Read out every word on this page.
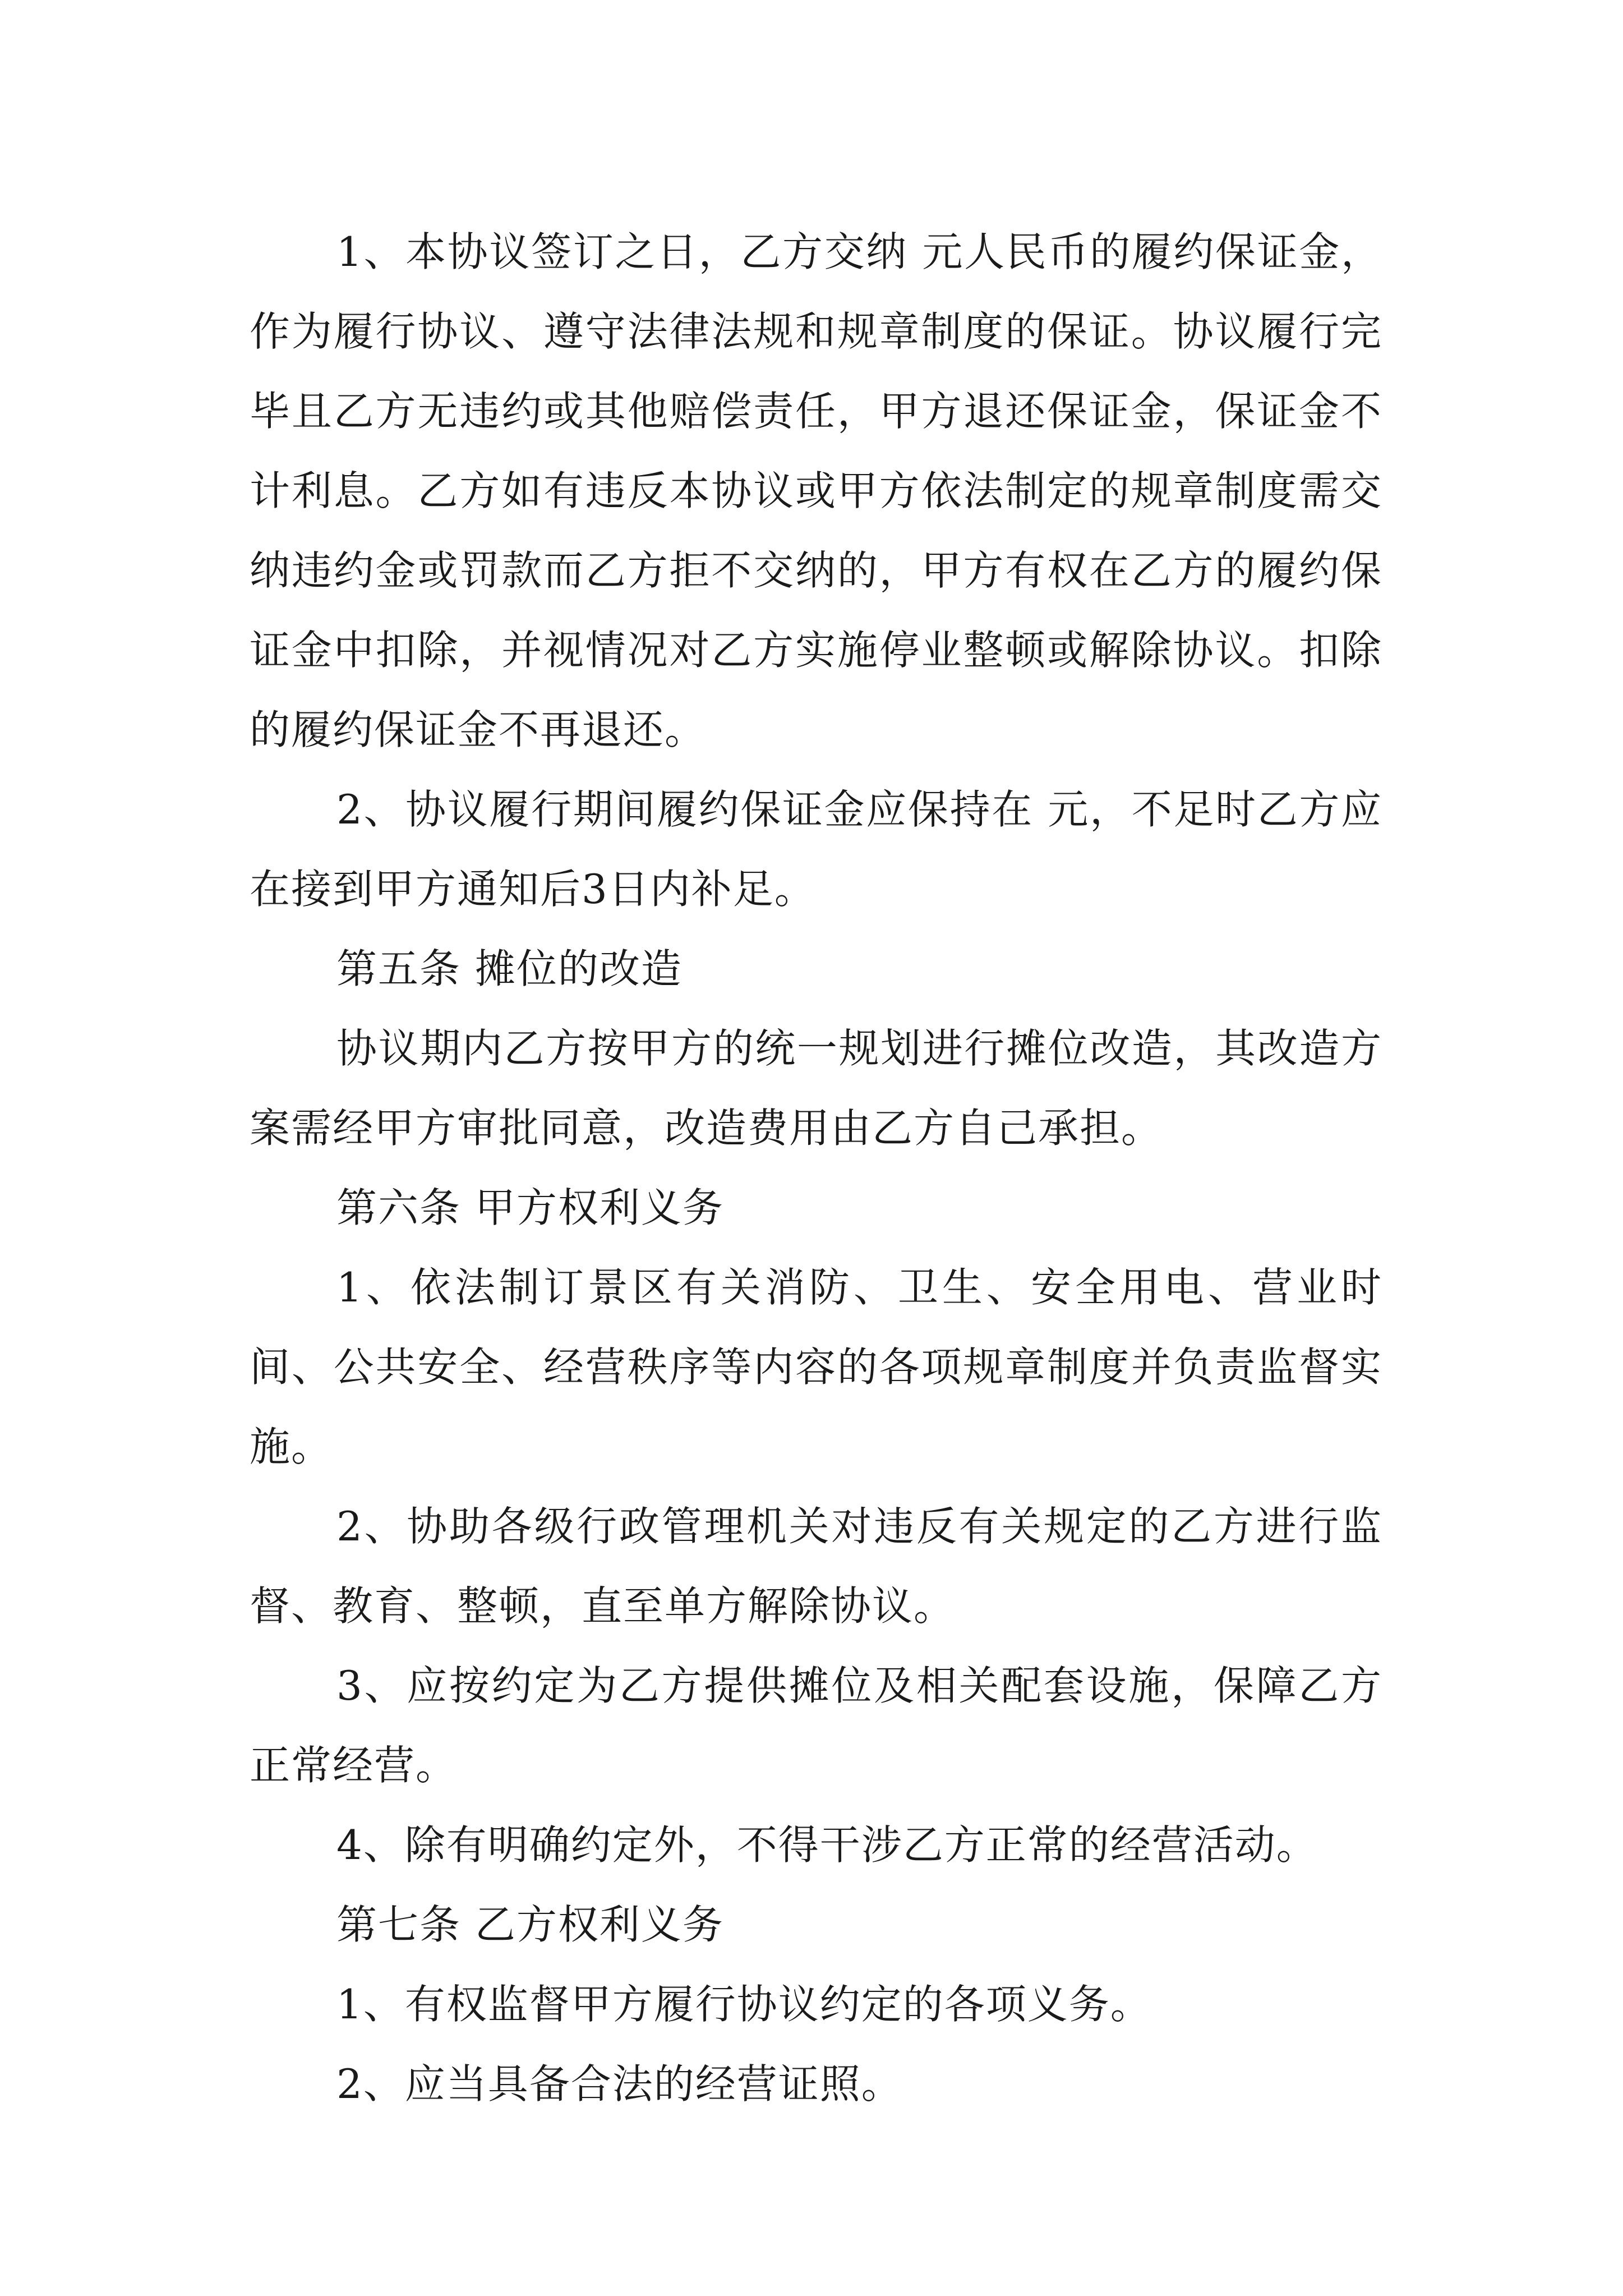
1、本协议签订之日，乙方交纳 元人民币的履约保证金，作为履行协议、遵守法律法规和规章制度的保证。协议履行完毕且乙方无违约或其他赔偿责任，甲方退还保证金，保证金不计利息。乙方如有违反本协议或甲方依法制定的规章制度需交纳违约金或罚款而乙方拒不交纳的，甲方有权在乙方的履约保证金中扣除，并视情况对乙方实施停业整顿或解除协议。扣除的履约保证金不再退还。

2、协议履行期间履约保证金应保持在 元，不足时乙方应在接到甲方通知后3日内补足。

第五条 摊位的改造

协议期内乙方按甲方的统一规划进行摊位改造，其改造方案需经甲方审批同意，改造费用由乙方自己承担。

第六条 甲方权利义务

1、依法制订景区有关消防、卫生、安全用电、营业时间、公共安全、经营秩序等内容的各项规章制度并负责监督实施。

2、协助各级行政管理机关对违反有关规定的乙方进行监督、教育、整顿，直至单方解除协议。

3、应按约定为乙方提供摊位及相关配套设施，保障乙方正常经营。

4、除有明确约定外，不得干涉乙方正常的经营活动。

第七条 乙方权利义务

1、有权监督甲方履行协议约定的各项义务。

2、应当具备合法的经营证照。
